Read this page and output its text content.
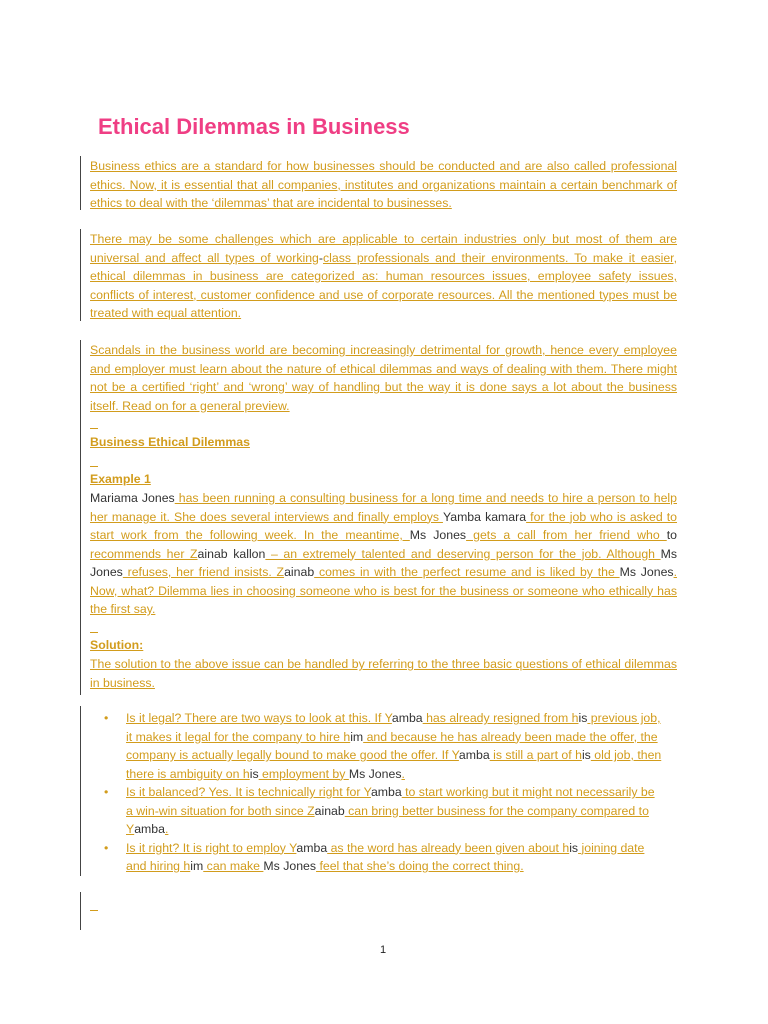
Ethical Dilemmas in Business
Business ethics are a standard for how businesses should be conducted and are also called professional ethics. Now, it is essential that all companies, institutes and organizations maintain a certain benchmark of ethics to deal with the ‘dilemmas’ that are incidental to businesses.
There may be some challenges which are applicable to certain industries only but most of them are universal and affect all types of working-class professionals and their environments. To make it easier, ethical dilemmas in business are categorized as: human resources issues, employee safety issues, conflicts of interest, customer confidence and use of corporate resources. All the mentioned types must be treated with equal attention.
Scandals in the business world are becoming increasingly detrimental for growth, hence every employee and employer must learn about the nature of ethical dilemmas and ways of dealing with them. There might not be a certified ‘right’ and ‘wrong’ way of handling but the way it is done says a lot about the business itself. Read on for a general preview.
Business Ethical Dilemmas
Example 1
Mariama Jones has been running a consulting business for a long time and needs to hire a person to help her manage it. She does several interviews and finally employs Yamba kamara for the job who is asked to start work from the following week. In the meantime, Ms Jones gets a call from her friend who to recommends her Zainab kallon – an extremely talented and deserving person for the job. Although Ms Jones refuses, her friend insists. Zainab comes in with the perfect resume and is liked by the Ms Jones. Now, what? Dilemma lies in choosing someone who is best for the business or someone who ethically has the first say.
Solution:
The solution to the above issue can be handled by referring to the three basic questions of ethical dilemmas in business.
• Is it legal? There are two ways to look at this. If Yamba has already resigned from his previous job, it makes it legal for the company to hire him and because he has already been made the offer, the company is actually legally bound to make good the offer. If Yamba is still a part of his old job, then there is ambiguity on his employment by Ms Jones.
• Is it balanced? Yes. It is technically right for Yamba to start working but it might not necessarily be a win-win situation for both since Zainab can bring better business for the company compared to Yamba.
• Is it right? It is right to employ Yamba as the word has already been given about his joining date and hiring him can make Ms Jones feel that she’s doing the correct thing.
1
